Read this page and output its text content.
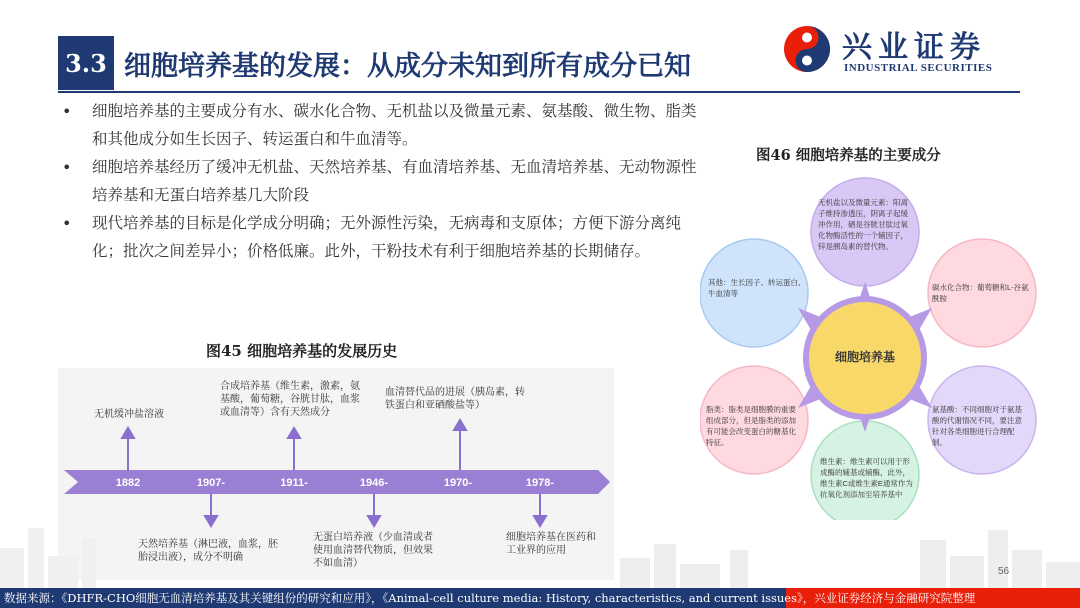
3.3 细胞培养基的发展：从成分未知到所有成分已知
兴业证券
INDUSTRIAL SECURITIES
• 细胞培养基的主要成分有水、碳水化合物、无机盐以及微量元素、氨基酸、微生物、脂类和其他成分如生长因子、转运蛋白和牛血清等。
• 细胞培养基经历了缓冲无机盐、天然培养基、有血清培养基、无血清培养基、无动物源性培养基和无蛋白培养基几大阶段
• 现代培养基的目标是化学成分明确；无外源性污染，无病毒和支原体；方便下游分离纯化；批次之间差异小；价格低廉。此外，干粉技术有利于细胞培养基的长期储存。
图45 细胞培养基的发展历史
1882	1907-	1911-	1946-	1970-	1978-
无机缓冲盐溶液
合成培养基（维生素，激素，氨基酸，葡萄糖，谷胱甘肽，血浆或血清等）含有天然成分
血清替代品的进展（胰岛素，转铁蛋白和亚硒酸盐等）
天然培养基（淋巴液，血浆，胚胎浸出液），成分不明确
无蛋白培养液（少血清或者使用血清替代物质，但效果不如血清）
细胞培养基在医药和工业界的应用
图46 细胞培养基的主要成分
细胞培养基
无机盐以及微量元素：阳离子维持渗透压，阴离子起缓冲作用，硒是谷胱甘肽过氧化物酶活性的一个辅因子，锌是胰岛素的替代物。
碳水化合物：葡萄糖和L-谷氨酰胺
氨基酸：不同细胞对于氨基酸的代谢情况不同，要注意针对各类细胞进行合理配制。
维生素：维生素可以用于形成酶的辅基或辅酶，此外，维生素C或维生素E通常作为抗氧化剂添加至培养基中
脂类：脂类是细胞膜的重要组成部分，但是脂类的添加有可能会改变蛋白的糖基化特征。
其他：生长因子、转运蛋白、牛血清等
56
数据来源：《DHFR-CHO细胞无血清培养基及其关键组份的研究和应用》，《Animal-cell culture media: History, characteristics, and current issues》，兴业证券经济与金融研究院整理
